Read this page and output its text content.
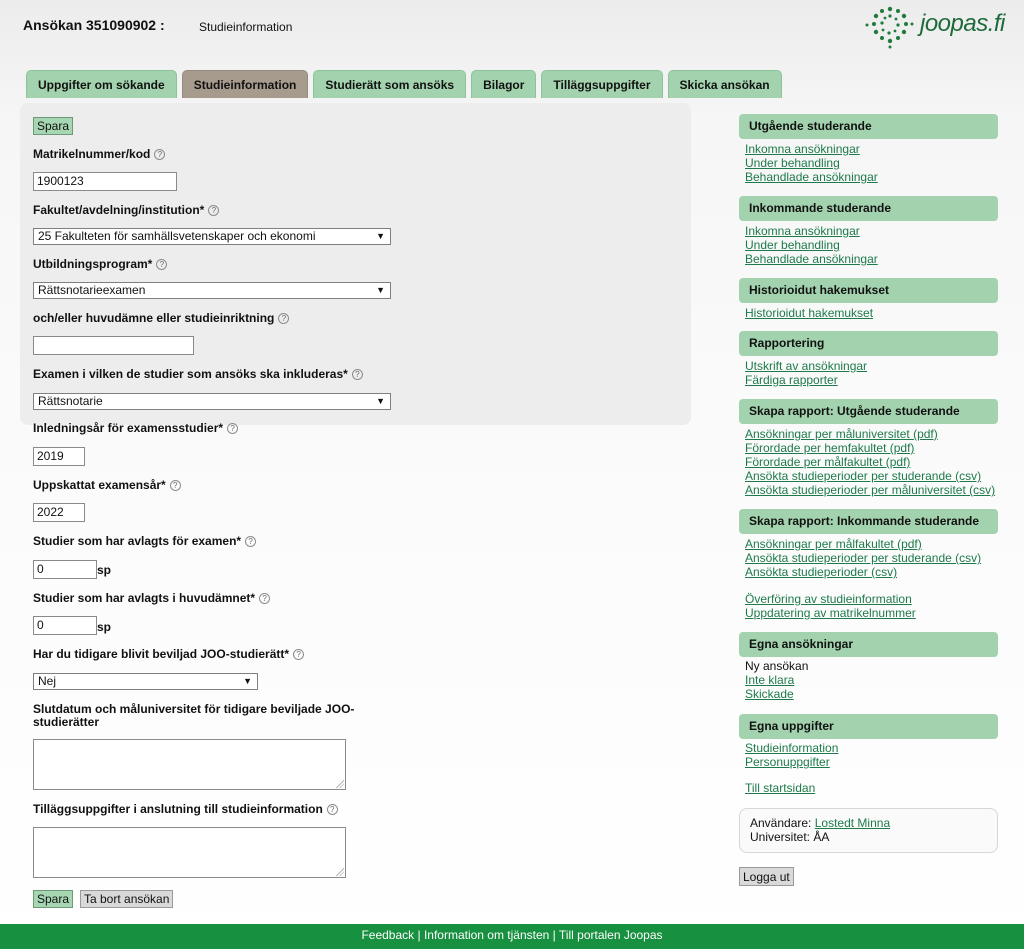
Ansökan 351090902 :	Studieinformation	joopas.fi
Uppgifter om sökande	Studieinformation	Studierätt som ansöks	Bilagor	Tilläggsuppgifter	Skicka ansökan
Spara
Matrikelnummer/kod ?
1900123
Fakultet/avdelning/institution* ?
25 Fakulteten för samhällsvetenskaper och ekonomi	▼
Utbildningsprogram* ?
Rättsnotarieexamen	▼
och/eller huvudämne eller studieinriktning ?
Examen i vilken de studier som ansöks ska inkluderas* ?
Rättsnotarie	▼
Inledningsår för examensstudier* ?
2019
Uppskattat examensår* ?
2022
Studier som har avlagts för examen* ?
0	sp
Studier som har avlagts i huvudämnet* ?
0	sp
Har du tidigare blivit beviljad JOO-studierätt* ?
Nej	▼
Slutdatum och måluniversitet för tidigare beviljade JOO-
studierätter
Tilläggsuppgifter i anslutning till studieinformation ?
Spara	Ta bort ansökan
Utgående studerande
Inkomna ansökningar
Under behandling
Behandlade ansökningar
Inkommande studerande
Inkomna ansökningar
Under behandling
Behandlade ansökningar
Historioidut hakemukset
Historioidut hakemukset
Rapportering
Utskrift av ansökningar
Färdiga rapporter
Skapa rapport: Utgående studerande
Ansökningar per måluniversitet (pdf)
Förordade per hemfakultet (pdf)
Förordade per målfakultet (pdf)
Ansökta studieperioder per studerande (csv)
Ansökta studieperioder per måluniversitet (csv)
Skapa rapport: Inkommande studerande
Ansökningar per målfakultet (pdf)
Ansökta studieperioder per studerande (csv)
Ansökta studieperioder (csv)
Överföring av studieinformation
Uppdatering av matrikelnummer
Egna ansökningar
Ny ansökan
Inte klara
Skickade
Egna uppgifter
Studieinformation
Personuppgifter
Till startsidan
Användare: Lostedt Minna
Universitet: ÅA
Logga ut
Feedback | Information om tjänsten | Till portalen Joopas
